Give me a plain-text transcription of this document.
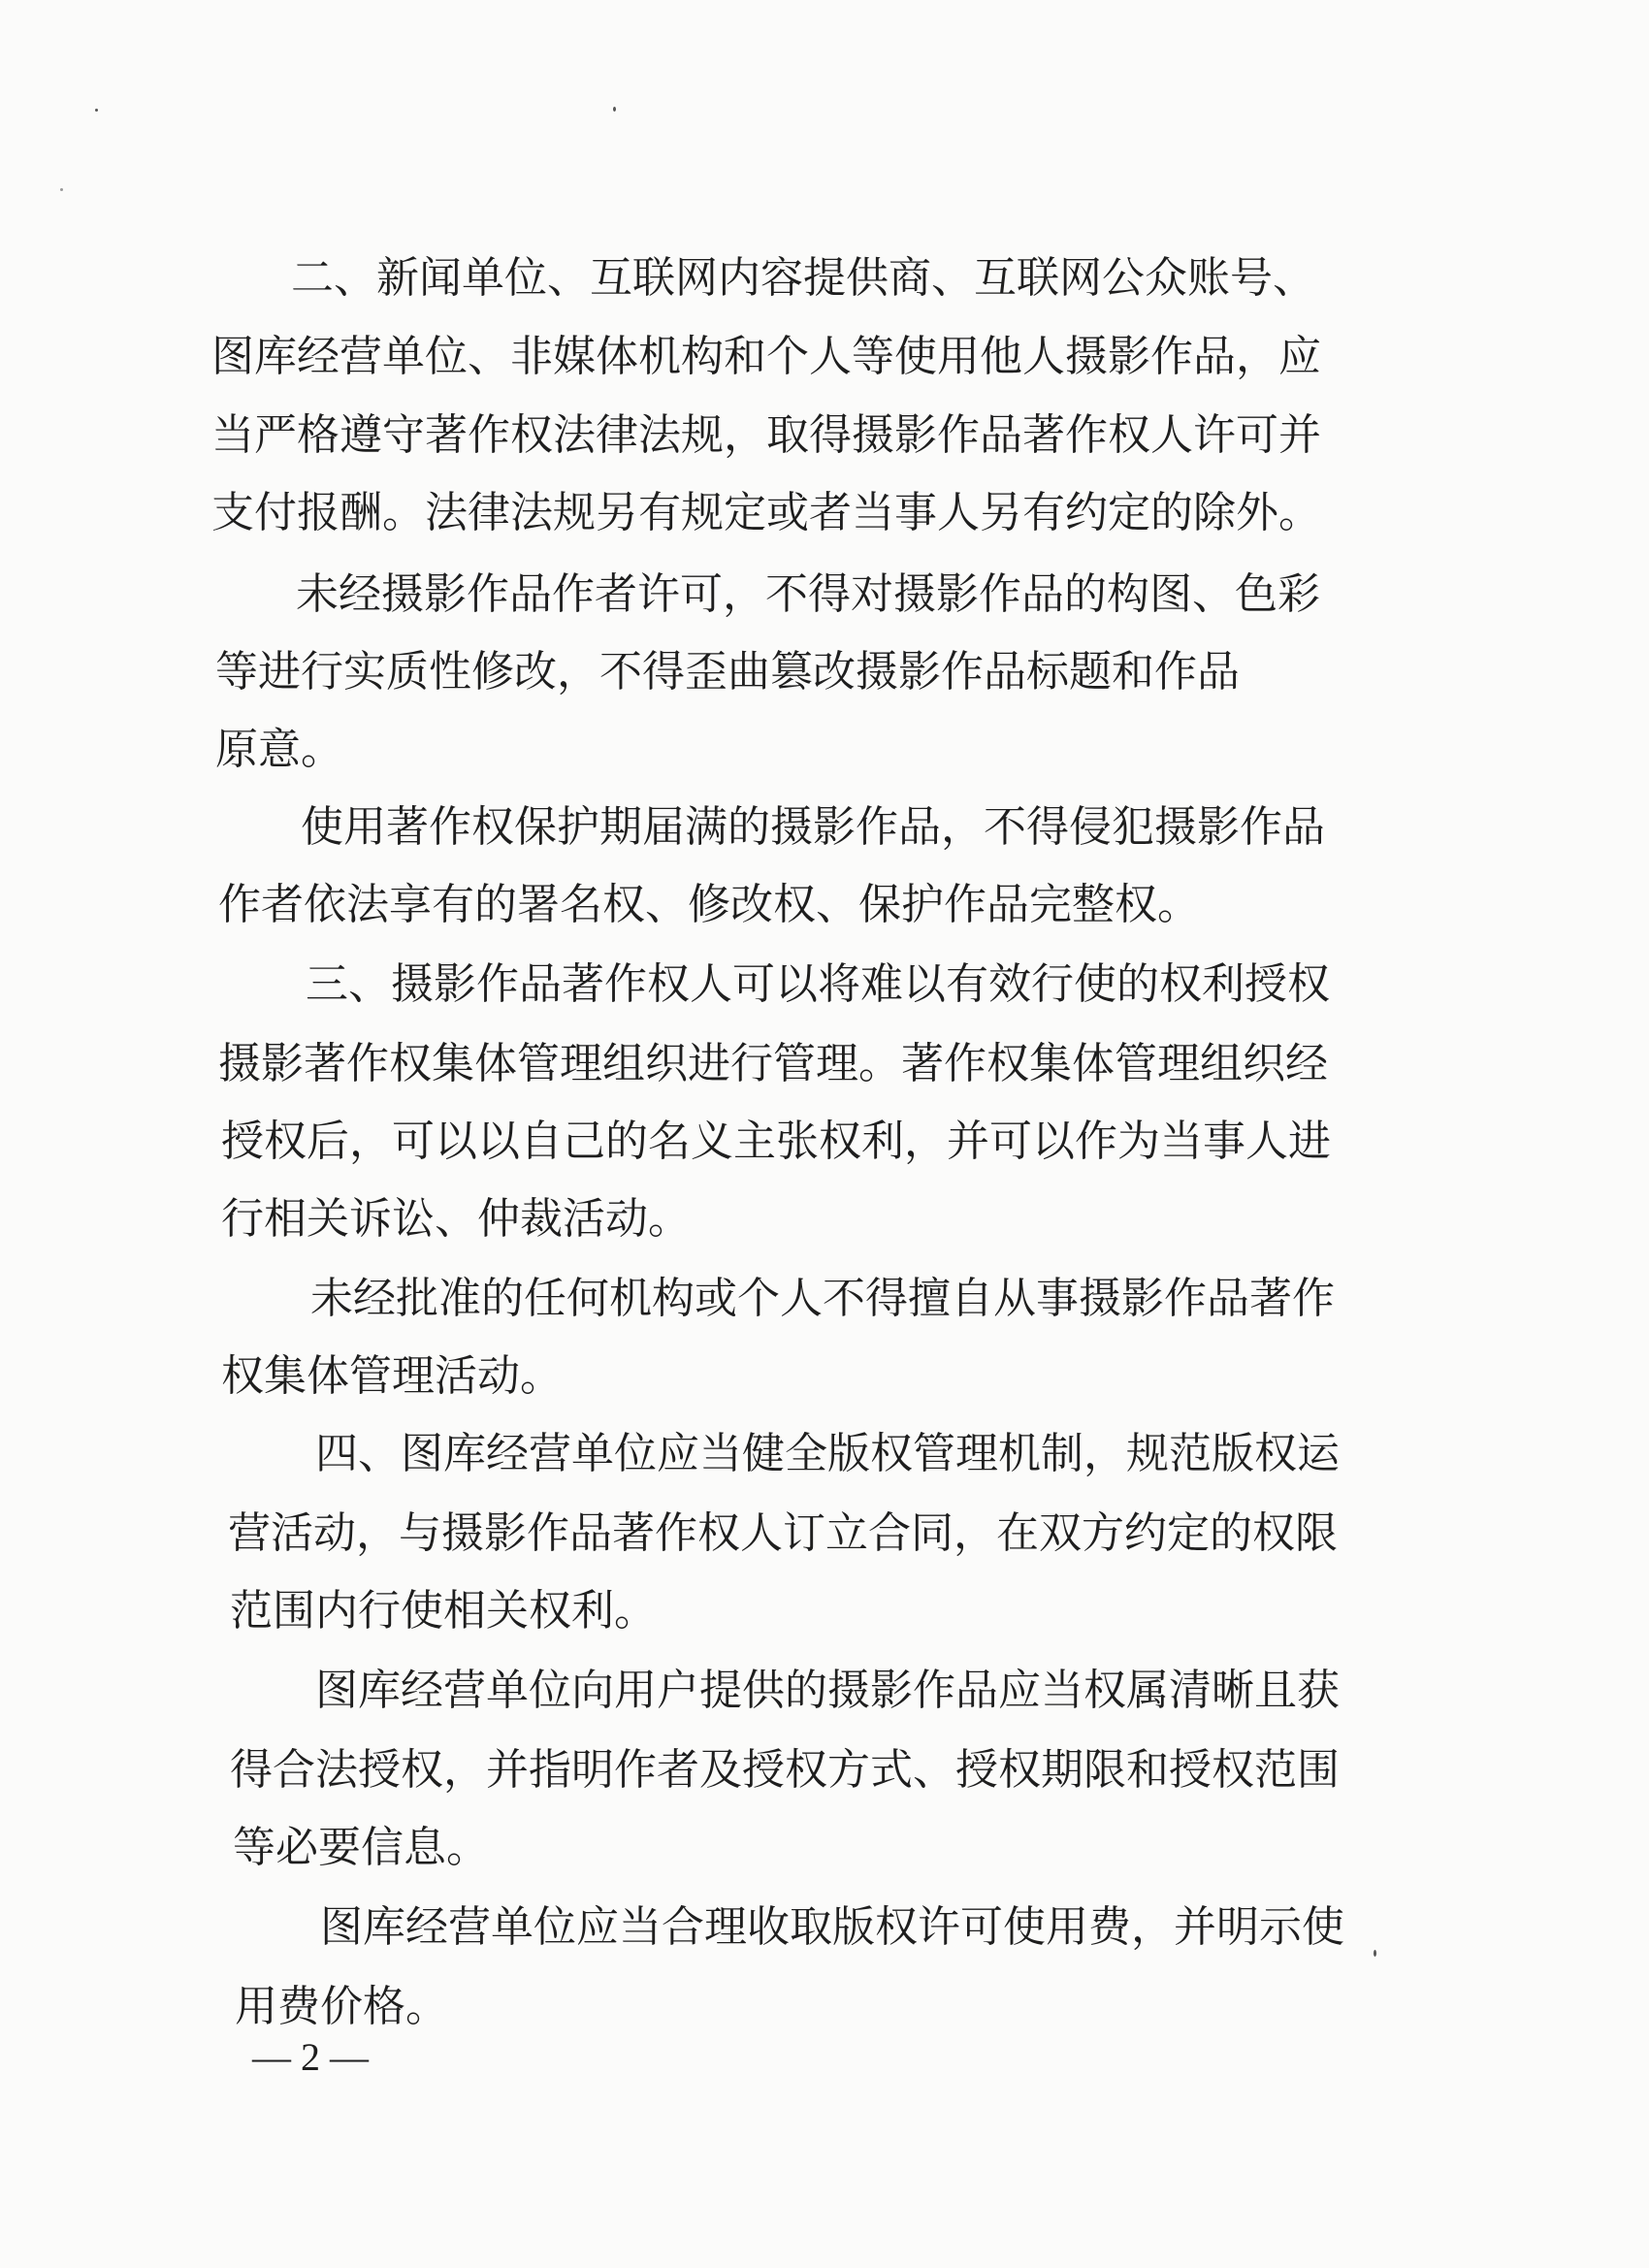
二、新闻单位、互联网内容提供商、互联网公众账号、
图库经营单位、非媒体机构和个人等使用他人摄影作品，应
当严格遵守著作权法律法规，取得摄影作品著作权人许可并
支付报酬。法律法规另有规定或者当事人另有约定的除外。
未经摄影作品作者许可，不得对摄影作品的构图、色彩
等进行实质性修改，不得歪曲篡改摄影作品标题和作品
原意。
使用著作权保护期届满的摄影作品，不得侵犯摄影作品
作者依法享有的署名权、修改权、保护作品完整权。
三、摄影作品著作权人可以将难以有效行使的权利授权
摄影著作权集体管理组织进行管理。著作权集体管理组织经
授权后，可以以自己的名义主张权利，并可以作为当事人进
行相关诉讼、仲裁活动。
未经批准的任何机构或个人不得擅自从事摄影作品著作
权集体管理活动。
四、图库经营单位应当健全版权管理机制，规范版权运
营活动，与摄影作品著作权人订立合同，在双方约定的权限
范围内行使相关权利。
图库经营单位向用户提供的摄影作品应当权属清晰且获
得合法授权，并指明作者及授权方式、授权期限和授权范围
等必要信息。
图库经营单位应当合理收取版权许可使用费，并明示使
用费价格。
— 2 —
